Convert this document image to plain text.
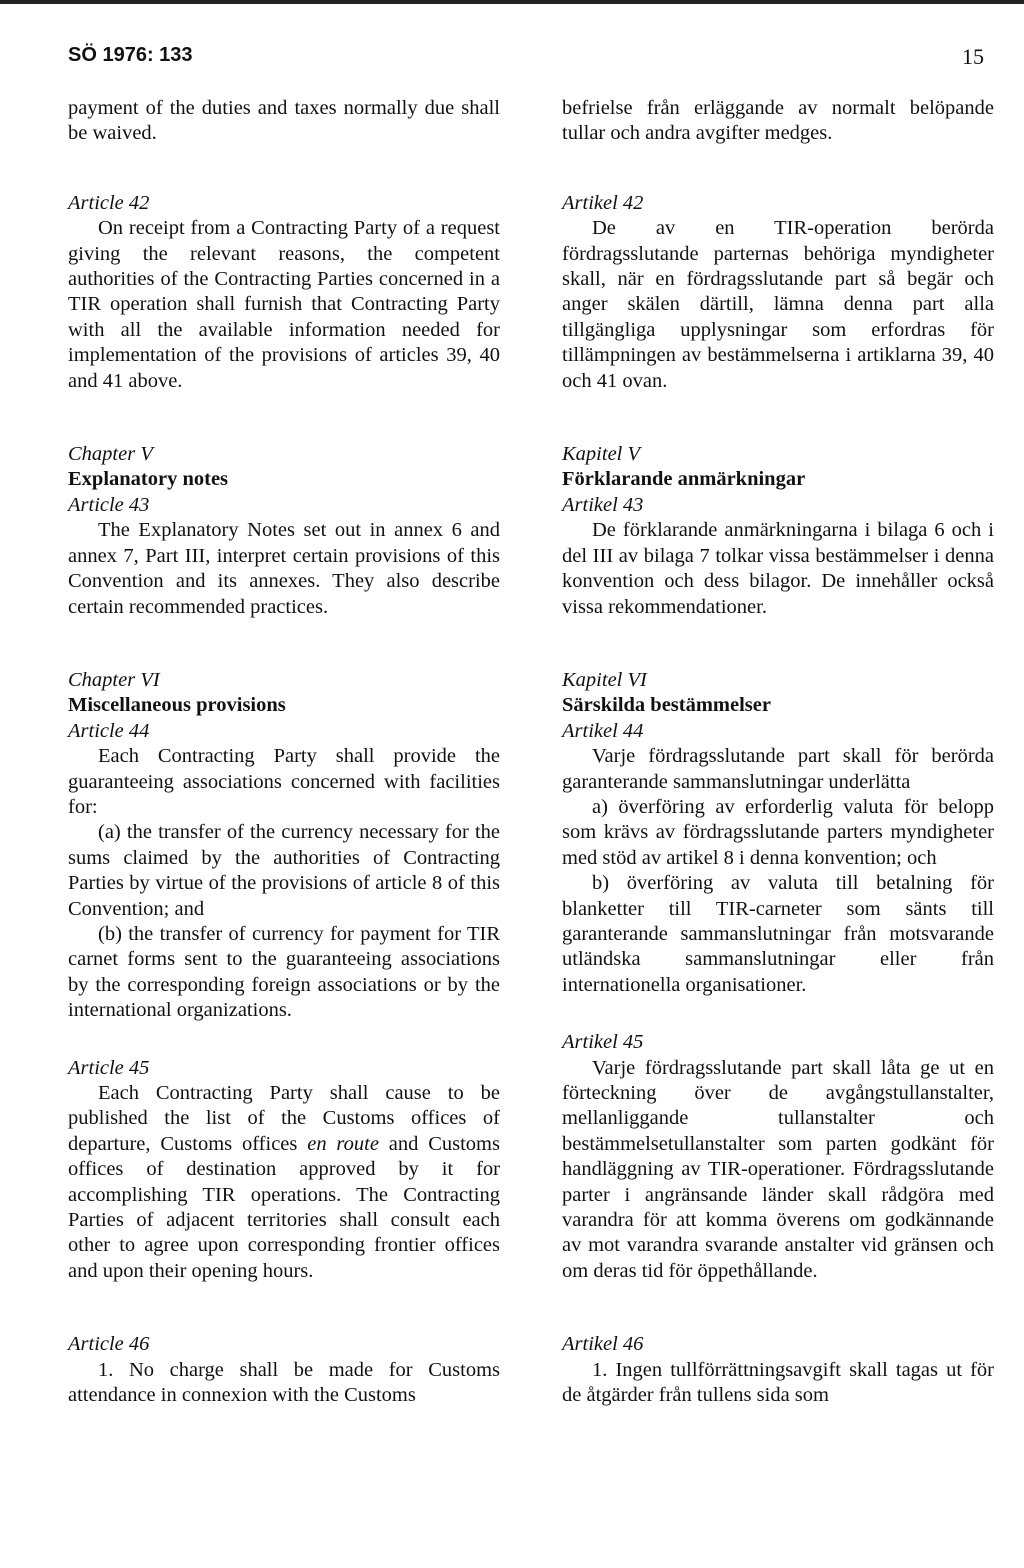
SÖ 1976: 133	15

payment of the duties and taxes normally due shall be waived.

Article 42

On receipt from a Contracting Party of a request giving the relevant reasons, the competent authorities of the Contracting Parties concerned in a TIR operation shall furnish that Contracting Party with all the available information needed for implementation of the provisions of articles 39, 40 and 41 above.

Chapter V

Explanatory notes

Article 43

The Explanatory Notes set out in annex 6 and annex 7, Part III, interpret certain provisions of this Convention and its annexes. They also describe certain recommended practices.

Chapter VI

Miscellaneous provisions

Article 44

Each Contracting Party shall provide the guaranteeing associations concerned with facilities for:

(a) the transfer of the currency necessary for the sums claimed by the authorities of Contracting Parties by virtue of the provisions of article 8 of this Convention; and

(b) the transfer of currency for payment for TIR carnet forms sent to the guaranteeing associations by the corresponding foreign associations or by the international organizations.

Article 45

Each Contracting Party shall cause to be published the list of the Customs offices of departure, Customs offices en route and Customs offices of destination approved by it for accomplishing TIR operations. The Contracting Parties of adjacent territories shall consult each other to agree upon corresponding frontier offices and upon their opening hours.

Article 46

1. No charge shall be made for Customs attendance in connexion with the Customs

befrielse från erläggande av normalt belöpande tullar och andra avgifter medges.

Artikel 42

De av en TIR-operation berörda fördragsslutande parternas behöriga myndigheter skall, när en fördragsslutande part så begär och anger skälen därtill, lämna denna part alla tillgängliga upplysningar som erfordras för tillämpningen av bestämmelserna i artiklarna 39, 40 och 41 ovan.

Kapitel V

Förklarande anmärkningar

Artikel 43

De förklarande anmärkningarna i bilaga 6 och i del III av bilaga 7 tolkar vissa bestämmelser i denna konvention och dess bilagor. De innehåller också vissa rekommendationer.

Kapitel VI

Särskilda bestämmelser

Artikel 44

Varje fördragsslutande part skall för berörda garanterande sammanslutningar underlätta

a) överföring av erforderlig valuta för belopp som krävs av fördragsslutande parters myndigheter med stöd av artikel 8 i denna konvention; och

b) överföring av valuta till betalning för blanketter till TIR-carneter som sänts till garanterande sammanslutningar från motsvarande utländska sammanslutningar eller från internationella organisationer.

Artikel 45

Varje fördragsslutande part skall låta ge ut en förteckning över de avgångstullanstalter, mellanliggande tullanstalter och bestämmelsetullanstalter som parten godkänt för handläggning av TIR-operationer. Fördragsslutande parter i angränsande länder skall rådgöra med varandra för att komma överens om godkännande av mot varandra svarande anstalter vid gränsen och om deras tid för öppethållande.

Artikel 46

1. Ingen tullförrättningsavgift skall tagas ut för de åtgärder från tullens sida som
